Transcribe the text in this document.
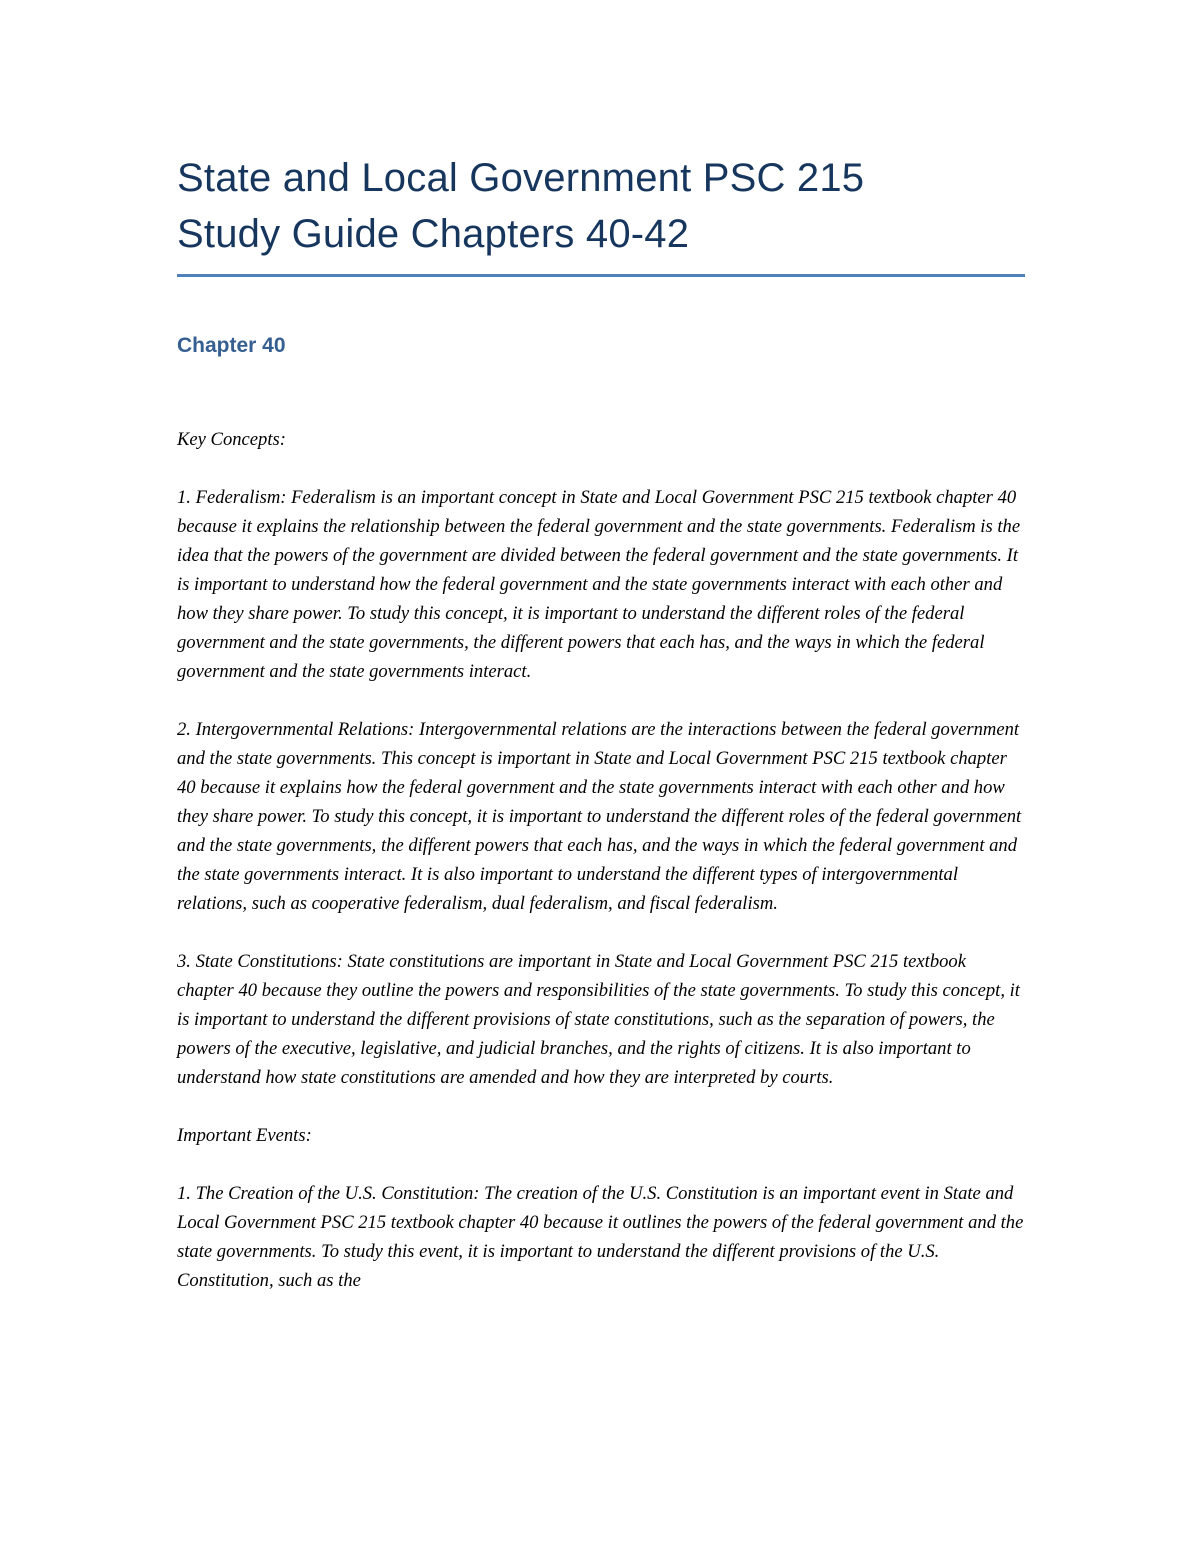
State and Local Government PSC 215
Study Guide Chapters 40-42
Chapter 40

Key Concepts:

1. Federalism: Federalism is an important concept in State and Local Government PSC 215 textbook chapter 40 because it explains the relationship between the federal government and the state governments. Federalism is the idea that the powers of the government are divided between the federal government and the state governments. It is important to understand how the federal government and the state governments interact with each other and how they share power. To study this concept, it is important to understand the different roles of the federal government and the state governments, the different powers that each has, and the ways in which the federal government and the state governments interact.

2. Intergovernmental Relations: Intergovernmental relations are the interactions between the federal government and the state governments. This concept is important in State and Local Government PSC 215 textbook chapter 40 because it explains how the federal government and the state governments interact with each other and how they share power. To study this concept, it is important to understand the different roles of the federal government and the state governments, the different powers that each has, and the ways in which the federal government and the state governments interact. It is also important to understand the different types of intergovernmental relations, such as cooperative federalism, dual federalism, and fiscal federalism.

3. State Constitutions: State constitutions are important in State and Local Government PSC 215 textbook chapter 40 because they outline the powers and responsibilities of the state governments. To study this concept, it is important to understand the different provisions of state constitutions, such as the separation of powers, the powers of the executive, legislative, and judicial branches, and the rights of citizens. It is also important to understand how state constitutions are amended and how they are interpreted by courts.

Important Events:

1. The Creation of the U.S. Constitution: The creation of the U.S. Constitution is an important event in State and Local Government PSC 215 textbook chapter 40 because it outlines the powers of the federal government and the state governments. To study this event, it is important to understand the different provisions of the U.S. Constitution, such as the
